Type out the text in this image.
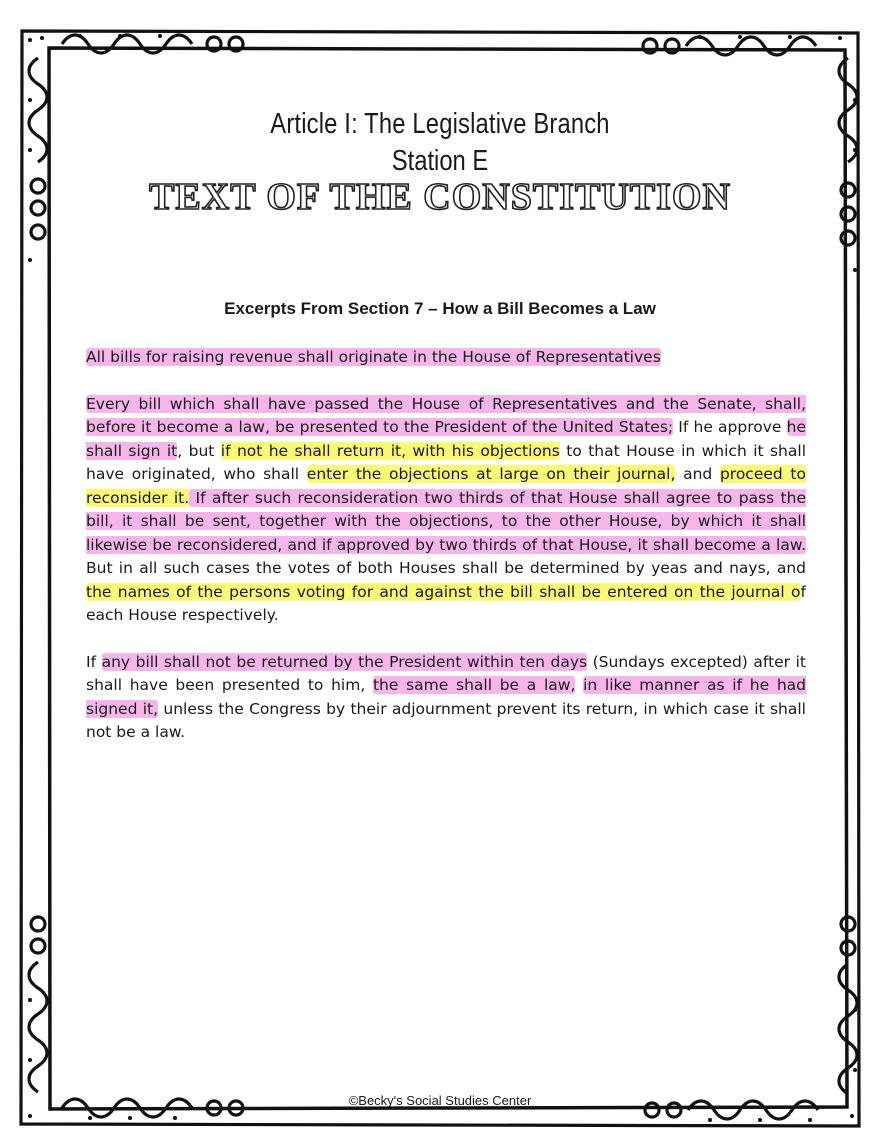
Article I: The Legislative Branch
Station E
TEXT OF THE CONSTITUTION
Excerpts From Section 7 – How a Bill Becomes a Law

All bills for raising revenue shall originate in the House of Representatives

Every bill which shall have passed the House of Representatives and the Senate, shall, before it become a law, be presented to the President of the United States; If he approve he shall sign it, but if not he shall return it, with his objections to that House in which it shall have originated, who shall enter the objections at large on their journal, and proceed to reconsider it. If after such reconsideration two thirds of that House shall agree to pass the bill, it shall be sent, together with the objections, to the other House, by which it shall likewise be reconsidered, and if approved by two thirds of that House, it shall become a law. But in all such cases the votes of both Houses shall be determined by yeas and nays, and the names of the persons voting for and against the bill shall be entered on the journal of each House respectively.

If any bill shall not be returned by the President within ten days (Sundays excepted) after it shall have been presented to him, the same shall be a law, in like manner as if he had signed it, unless the Congress by their adjournment prevent its return, in which case it shall not be a law.

©Becky's Social Studies Center
